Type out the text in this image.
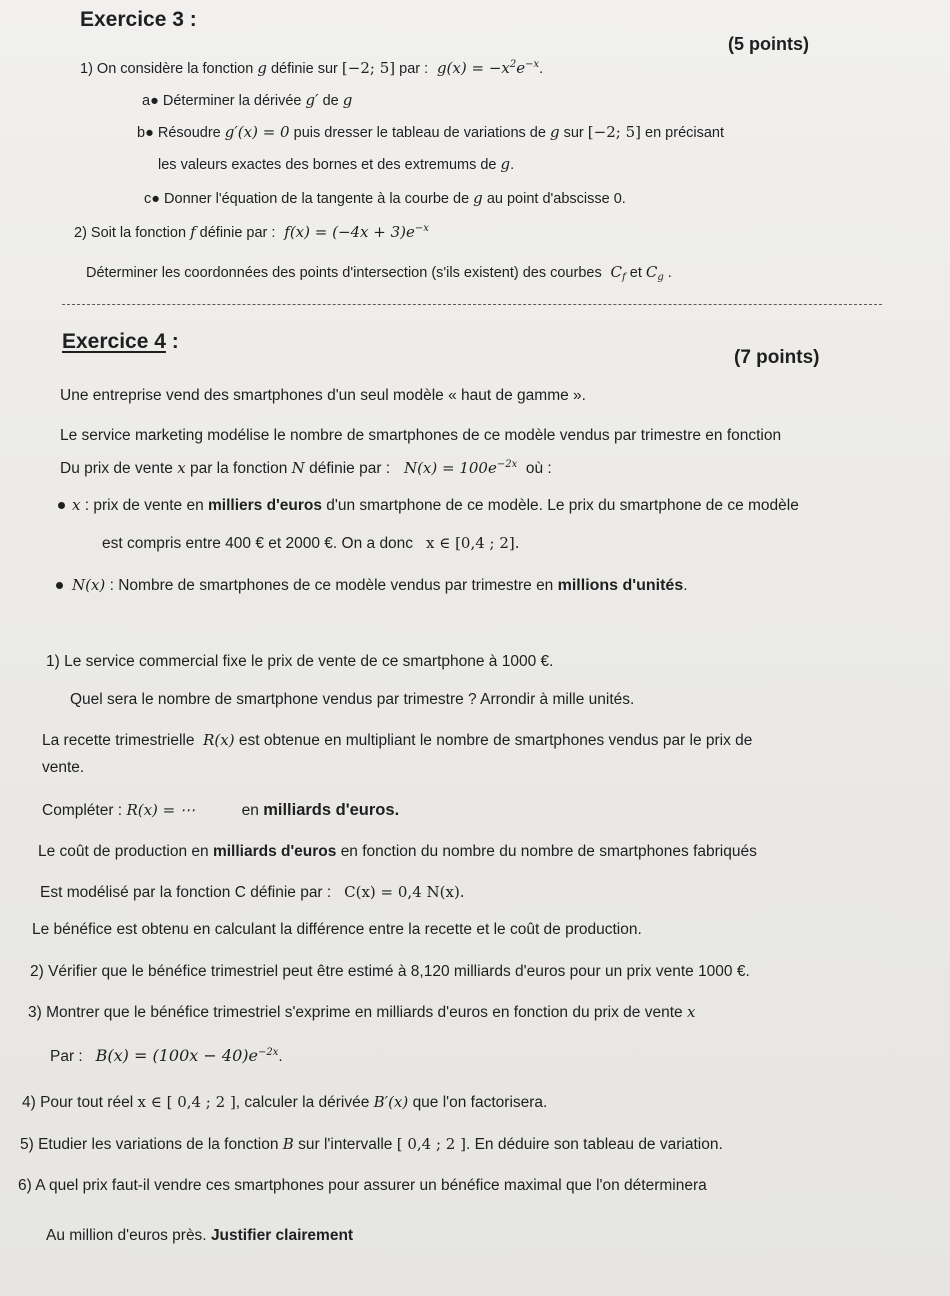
Exercice 3 :
(5 points)
1) On considère la fonction g définie sur [−2; 5] par : $g(x) = -x^2e^{-x}$.
a● Déterminer la dérivée g′ de g
b● Résoudre g′(x) = 0 puis dresser le tableau de variations de g sur [−2; 5] en précisant
les valeurs exactes des bornes et des extremums de g.
c● Donner l'équation de la tangente à la courbe de g au point d'abscisse 0.
2) Soit la fonction f définie par : $f(x) = (-4x + 3)e^{-x}$
Déterminer les coordonnées des points d'intersection (s'ils existent) des courbes $C_f$ et $C_g$ .
Exercice 4 :
(7 points)
Une entreprise vend des smartphones d'un seul modèle « haut de gamme ».
Le service marketing modélise le nombre de smartphones de ce modèle vendus par trimestre en fonction
Du prix de vente x par la fonction N définie par : $N(x) = 100e^{-2x}$ où :
x : prix de vente en milliers d'euros d'un smartphone de ce modèle. Le prix du smartphone de ce modèle
est compris entre 400 € et 2000 €. On a donc x ∈ [0,4 ; 2].
N(x) : Nombre de smartphones de ce modèle vendus par trimestre en millions d'unités.
1) Le service commercial fixe le prix de vente de ce smartphone à 1000 €.
Quel sera le nombre de smartphone vendus par trimestre ? Arrondir à mille unités.
La recette trimestrielle R(x) est obtenue en multipliant le nombre de smartphones vendus par le prix de
vente.
Compléter : R(x) = ⋯	en milliards d'euros.
Le coût de production en milliards d'euros en fonction du nombre du nombre de smartphones fabriqués
Est modélisé par la fonction C définie par : C(x) = 0,4 N(x).
Le bénéfice est obtenu en calculant la différence entre la recette et le coût de production.
2) Vérifier que le bénéfice trimestriel peut être estimé à 8,120 milliards d'euros pour un prix vente 1000 €.
3) Montrer que le bénéfice trimestriel s'exprime en milliards d'euros en fonction du prix de vente x
Par : $B(x) = (100x - 40)e^{-2x}$.
4) Pour tout réel x ∈ [ 0,4 ; 2 ], calculer la dérivée B′(x) que l'on factorisera.
5) Etudier les variations de la fonction B sur l'intervalle [ 0,4 ; 2 ]. En déduire son tableau de variation.
6) A quel prix faut-il vendre ces smartphones pour assurer un bénéfice maximal que l'on déterminera
Au million d'euros près. Justifier clairement
